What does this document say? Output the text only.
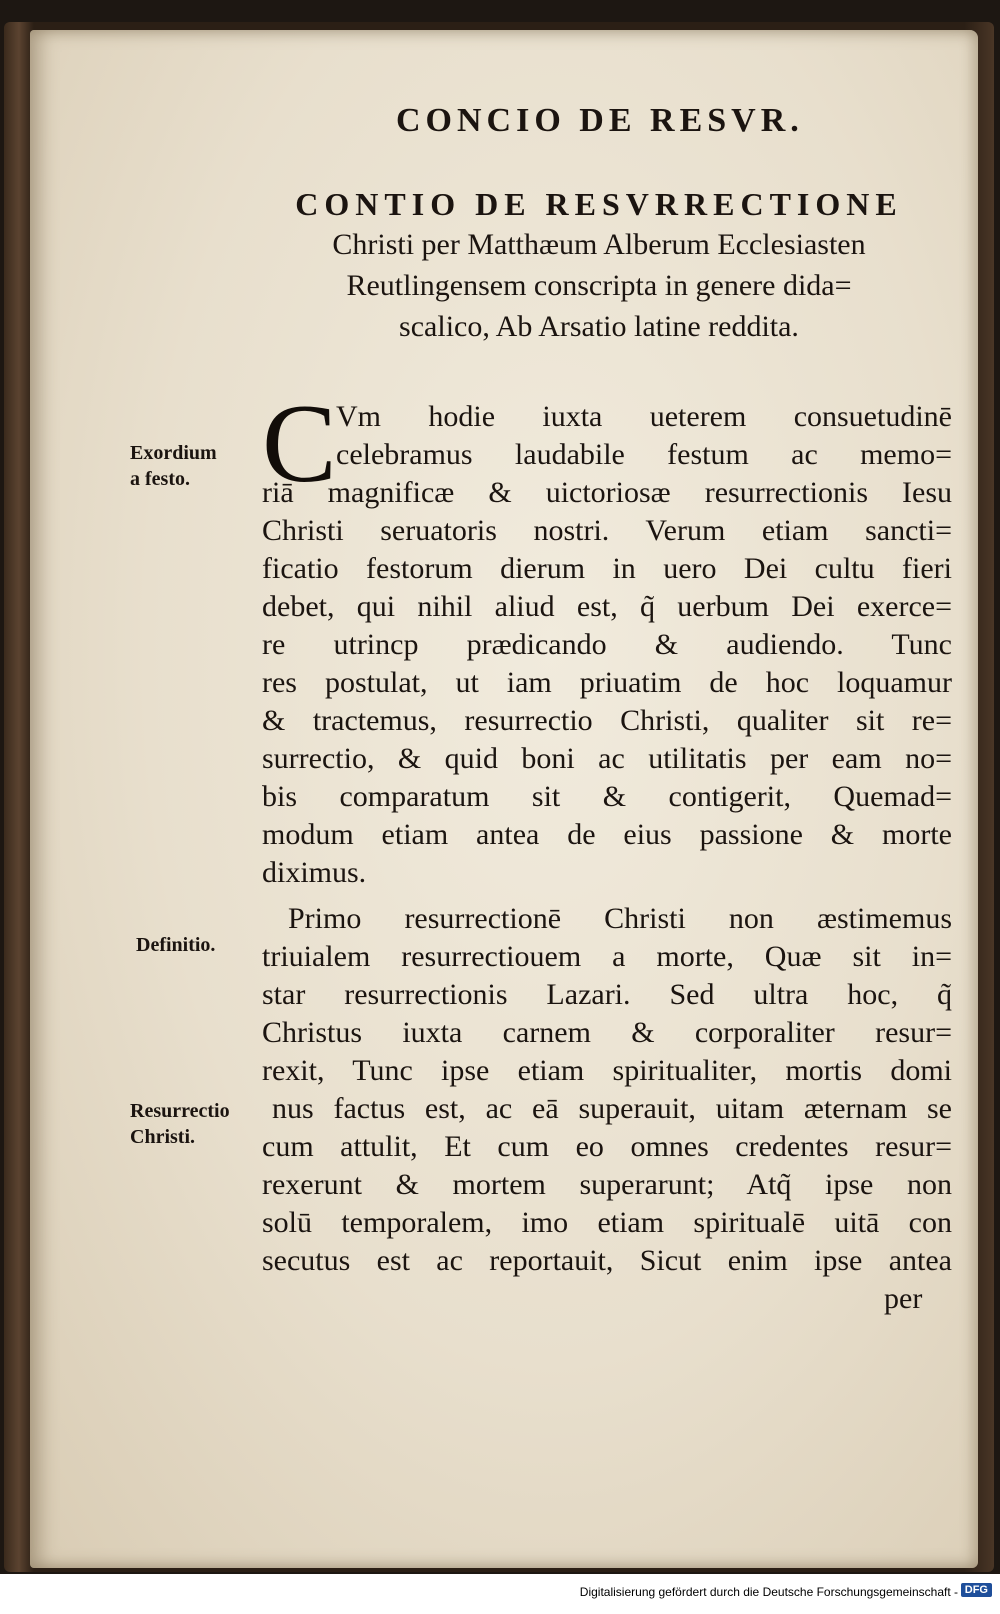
CONCIO DE RESVR.
CONTIO DE RESVRRECTIONE
Christi per Matthæum Alberum Ecclesiasten
Reutlingensem conscripta in genere dida=
scalico, Ab Arsatio latine reddita.
C Vm hodie iuxta ueterem consuetudinē
celebramus laudabile festum ac memo=
riā magnificæ & uictoriosæ resurrectionis Iesu
Christi seruatoris nostri. Verum etiam sancti=
ficatio festorum dierum in uero Dei cultu fieri
debet, qui nihil aliud est, q̃ uerbum Dei exerce=
re utrincp prædicando & audiendo. Tunc
res postulat, ut iam priuatim de hoc loquamur
& tractemus, resurrectio Christi, qualiter sit re=
surrectio, & quid boni ac utilitatis per eam no=
bis comparatum sit & contigerit, Quemad=
modum etiam antea de eius passione & morte
diximus.
Primo resurrectionē Christi non æstimemus
triuialem resurrectiouem a morte, Quæ sit in=
star resurrectionis Lazari. Sed ultra hoc, q̃
Christus iuxta carnem & corporaliter resur=
rexit, Tunc ipse etiam spiritualiter, mortis domi
nus factus est, ac eā superauit, uitam æternam se
cum attulit, Et cum eo omnes credentes resur=
rexerunt & mortem superarunt; Atq̃ ipse non
solū temporalem, imo etiam spiritualē uitā con
secutus est ac reportauit, Sicut enim ipse antea
Exordium
a festo.
Definitio.
Resurrectio
Christi.
per
Digitalisierung gefördert durch die Deutsche Forschungsgemeinschaft - DFG
